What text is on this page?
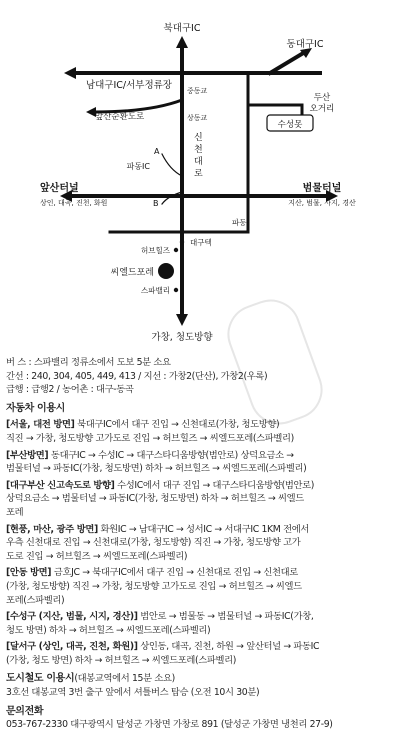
북대구IC
동대구IC
남대구IC/서부정류장 중동교
두산
오거리
앞산순환도로	상동교
수성못
신
천
대
로
A
파동IC
B
앞산터널
상인, 대곡, 진천, 화원
범물터널
지산, 범물, 사지, 경산
파동
대구텍
허브힐즈
씨엘드포레
스파밸리
가창, 청도방향
버 스 : 스파밸리 정류소에서 도보 5분 소요
간선 : 240, 304, 405, 449, 413 / 지선 : 가창2(단산), 가창2(우록)
급행 : 급행2 / 농어촌 : 대구-동곡
자동차 이용시
[서울, 대전 방면] 북대구IC에서 대구 진입 → 신천대로(가창, 청도방향)
직진 → 가창, 청도방향 고가도로 진입 → 허브힐즈 → 씨엘드포레(스파벨리)
[부산방면] 동대구IC → 수성IC → 대구스타디움방향(범안로) 상덕요금소 →
범물터널 → 파동IC(가창, 청도방면) 하차 → 허브힐즈 → 씨엘드포레(스파벨리)
[대구부산 신고속도로 방향] 수성IC에서 대구 진입 → 대구스타디움방향(범안로)
상덕요금소 → 범물터널 → 파동IC(가창, 청도방면) 하차 → 허브힐즈 → 씨엘드
포레
[현풍, 마산, 광주 방면] 화원IC → 남대구IC → 성서IC → 서대구IC 1KM 전에서
우측 신천대로 진입 → 신천대로(가창, 청도방향) 직진 → 가창, 청도방향 고가
도로 진입 → 허브힐즈 → 씨엘드포레(스파벨리)
[안동 방면] 금호JC → 북대구IC에서 대구 진입 → 신천대로 진입 → 신천대로
(가창, 청도방향) 직진 → 가창, 청도방향 고가도로 진입 → 허브힐즈 → 씨엘드
포레(스파벨리)
[수성구 (지산, 범물, 시지, 경산)] 범안로 → 범물동 → 범물터널 → 파동IC(가창,
청도 방면) 하차 → 허브힐즈 → 씨엘드포레(스파벨리)
[달서구 (상인, 대곡, 진천, 화원)] 상인동, 대곡, 진천, 하원 → 앞산터널 → 파동IC
(가창, 청도 방면) 하차 → 허브힐즈 → 씨엘드포레(스파벨리)
도시철도 이용시(대봉교역에서 15분 소요)
3호선 대봉교역 3번 출구 앞에서 셔틀버스 탑승 (오전 10시 30분)
문의전화
053-767-2330 대구광역시 달성군 가창면 가창로 891 (달성군 가창면 냉천리 27-9)
